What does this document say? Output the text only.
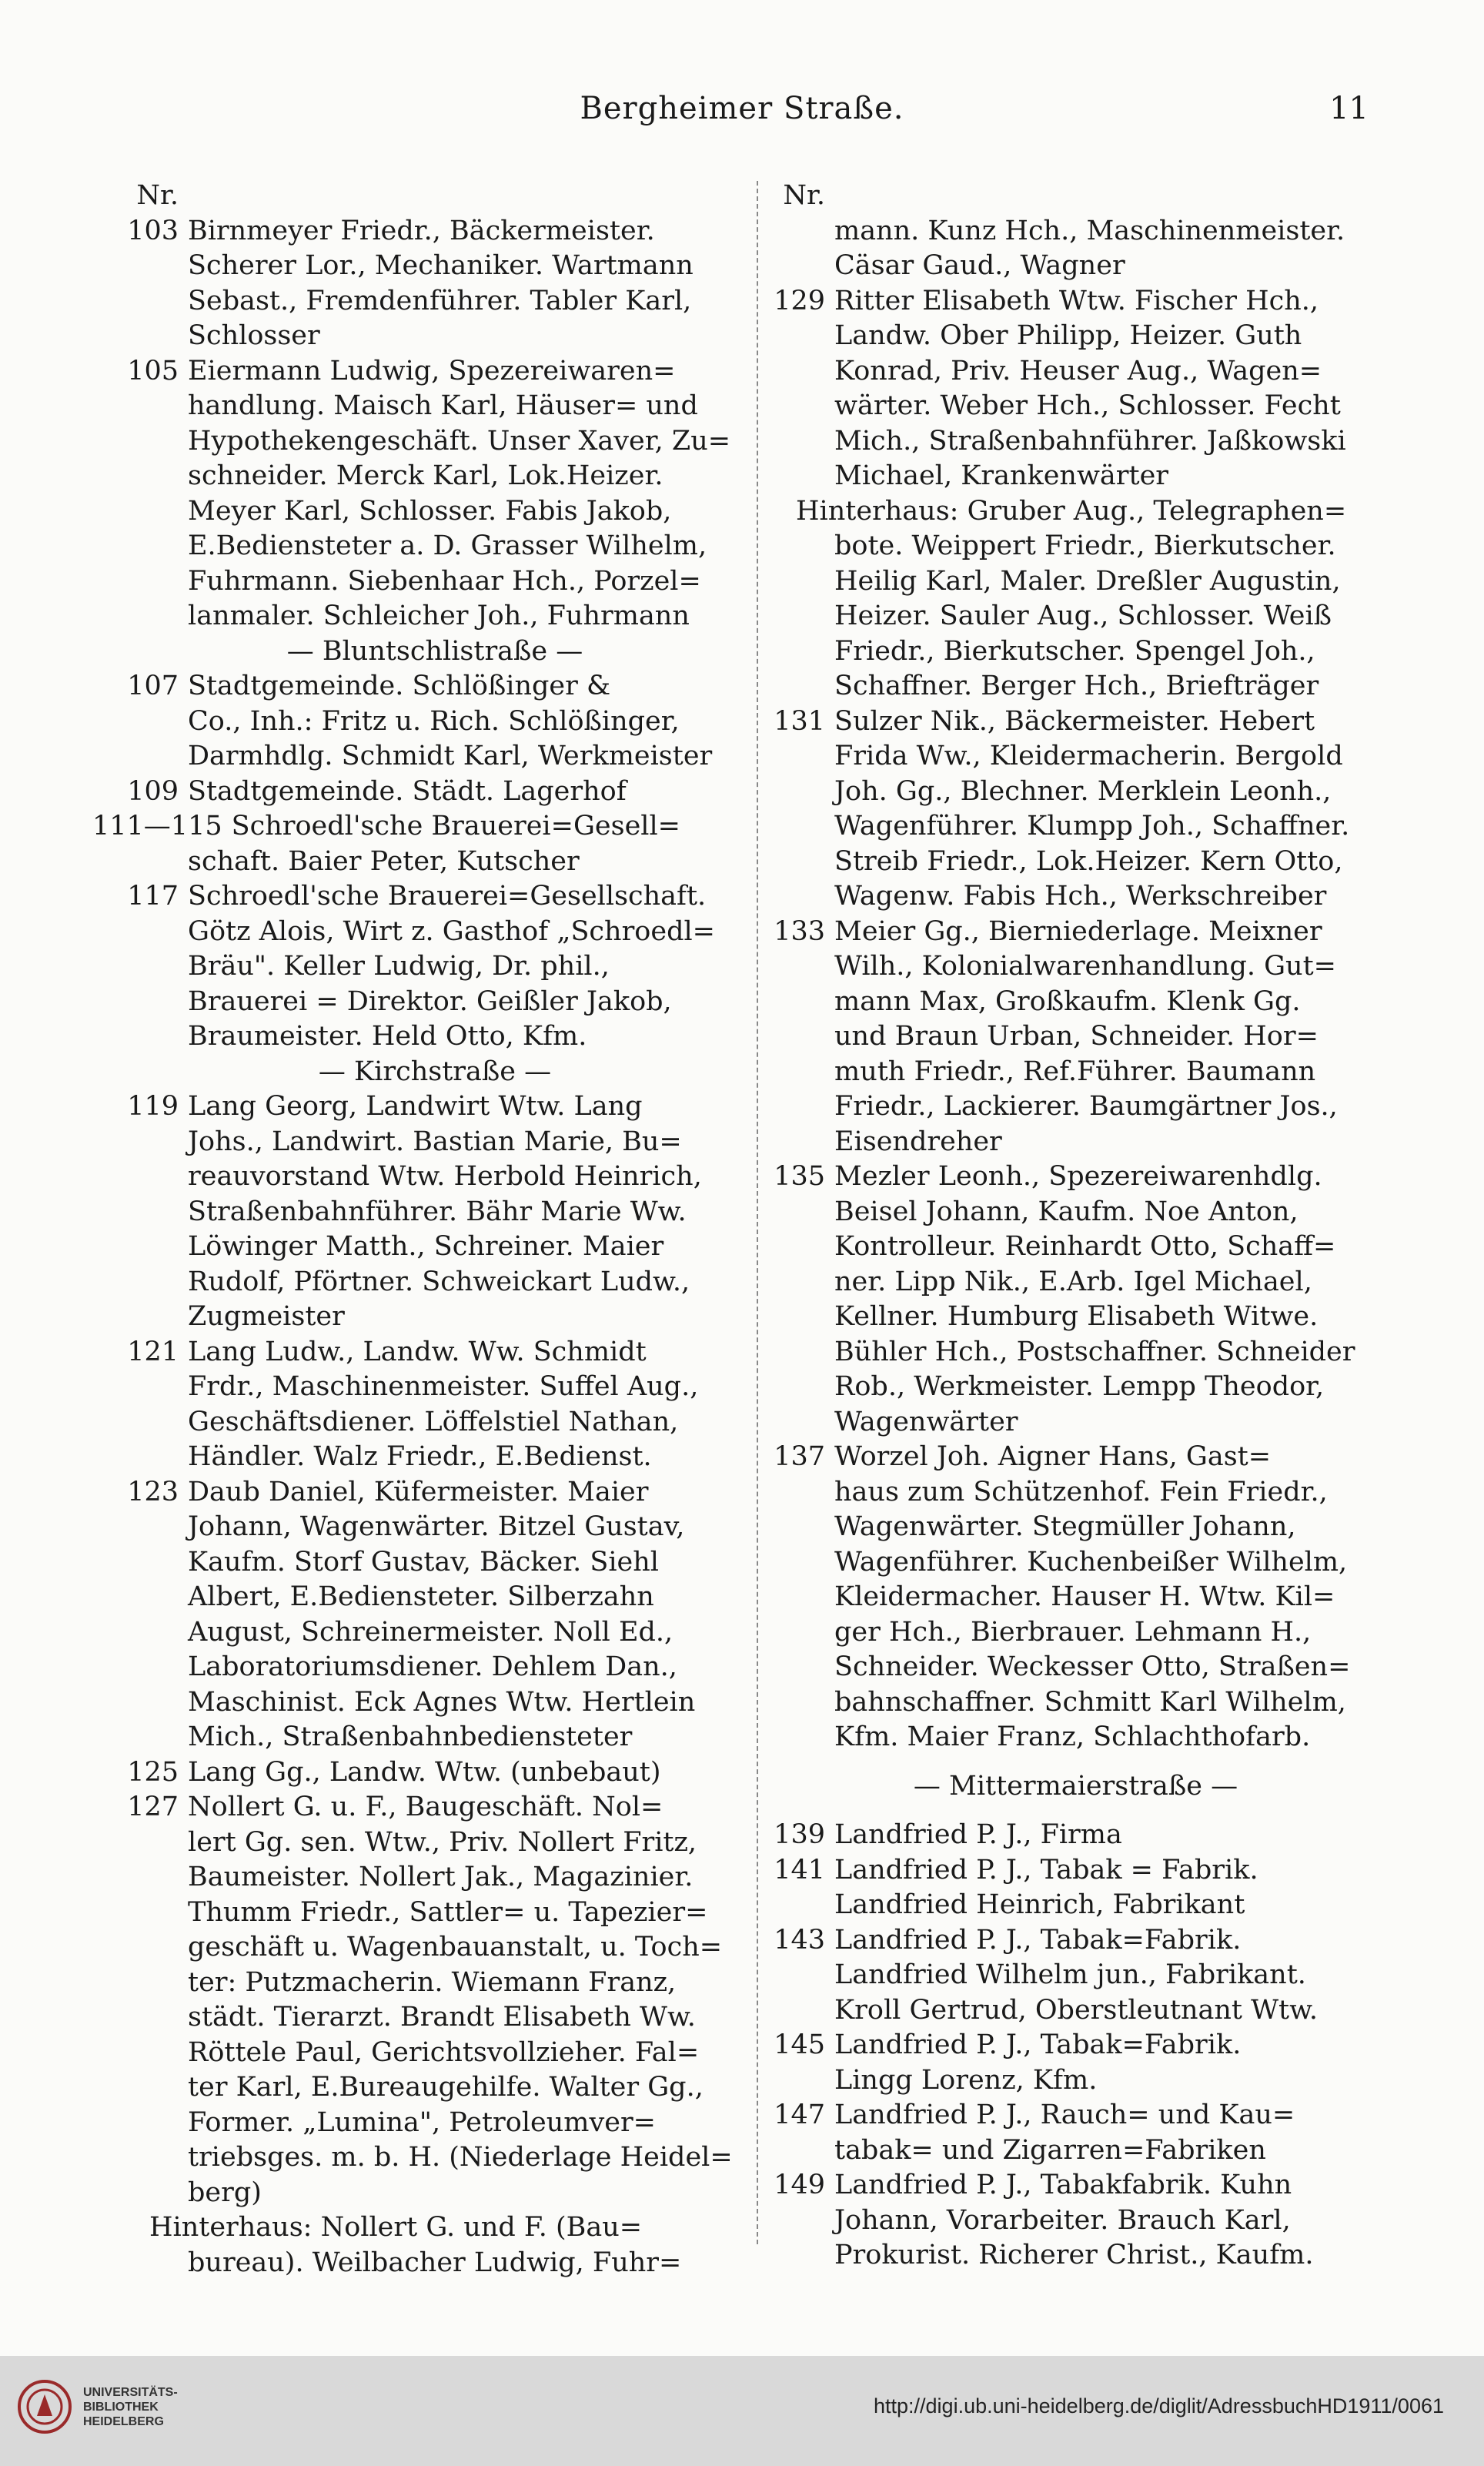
Bergheimer Straße.	11
Nr.
103 Birnmeyer Friedr., Bäckermeister.
Scherer Lor., Mechaniker. Wartmann
Sebast., Fremdenführer. Tabler Karl,
Schlosser
105 Eiermann Ludwig, Spezereiwaren=
handlung. Maisch Karl, Häuser= und
Hypothekengeschäft. Unser Xaver, Zu=
schneider. Merck Karl, Lok.Heizer.
Meyer Karl, Schlosser. Fabis Jakob,
E.Bediensteter a. D. Grasser Wilhelm,
Fuhrmann. Siebenhaar Hch., Porzel=
lanmaler. Schleicher Joh., Fuhrmann
— Bluntschlistraße —
107 Stadtgemeinde. Schlößinger &
Co., Inh.: Fritz u. Rich. Schlößinger,
Darmhdlg. Schmidt Karl, Werkmeister
109 Stadtgemeinde. Städt. Lagerhof
111—115 Schroedl'sche Brauerei=Gesell=
schaft. Baier Peter, Kutscher
117 Schroedl'sche Brauerei=Gesellschaft.
Götz Alois, Wirt z. Gasthof „Schroedl=
Bräu". Keller Ludwig, Dr. phil.,
Brauerei = Direktor. Geißler Jakob,
Braumeister. Held Otto, Kfm.
— Kirchstraße —
119 Lang Georg, Landwirt Wtw. Lang
Johs., Landwirt. Bastian Marie, Bu=
reauvorstand Wtw. Herbold Heinrich,
Straßenbahnführer. Bähr Marie Ww.
Löwinger Matth., Schreiner. Maier
Rudolf, Pförtner. Schweickart Ludw.,
Zugmeister
121 Lang Ludw., Landw. Ww. Schmidt
Frdr., Maschinenmeister. Suffel Aug.,
Geschäftsdiener. Löffelstiel Nathan,
Händler. Walz Friedr., E.Bedienst.
123 Daub Daniel, Küfermeister. Maier
Johann, Wagenwärter. Bitzel Gustav,
Kaufm. Storf Gustav, Bäcker. Siehl
Albert, E.Bediensteter. Silberzahn
August, Schreinermeister. Noll Ed.,
Laboratoriumsdiener. Dehlem Dan.,
Maschinist. Eck Agnes Wtw. Hertlein
Mich., Straßenbahnbediensteter
125 Lang Gg., Landw. Wtw. (unbebaut)
127 Nollert G. u. F., Baugeschäft. Nol=
lert Gg. sen. Wtw., Priv. Nollert Fritz,
Baumeister. Nollert Jak., Magazinier.
Thumm Friedr., Sattler= u. Tapezier=
geschäft u. Wagenbauanstalt, u. Toch=
ter: Putzmacherin. Wiemann Franz,
städt. Tierarzt. Brandt Elisabeth Ww.
Röttele Paul, Gerichtsvollzieher. Fal=
ter Karl, E.Bureaugehilfe. Walter Gg.,
Former. „Lumina", Petroleumver=
triebsges. m. b. H. (Niederlage Heidel=
berg)
Hinterhaus: Nollert G. und F. (Bau=
bureau). Weilbacher Ludwig, Fuhr=
Nr.
mann. Kunz Hch., Maschinenmeister.
Cäsar Gaud., Wagner
129 Ritter Elisabeth Wtw. Fischer Hch.,
Landw. Ober Philipp, Heizer. Guth
Konrad, Priv. Heuser Aug., Wagen=
wärter. Weber Hch., Schlosser. Fecht
Mich., Straßenbahnführer. Jaßkowski
Michael, Krankenwärter
Hinterhaus: Gruber Aug., Telegraphen=
bote. Weippert Friedr., Bierkutscher.
Heilig Karl, Maler. Dreßler Augustin,
Heizer. Sauler Aug., Schlosser. Weiß
Friedr., Bierkutscher. Spengel Joh.,
Schaffner. Berger Hch., Briefträger
131 Sulzer Nik., Bäckermeister. Hebert
Frida Ww., Kleidermacherin. Bergold
Joh. Gg., Blechner. Merklein Leonh.,
Wagenführer. Klumpp Joh., Schaffner.
Streib Friedr., Lok.Heizer. Kern Otto,
Wagenw. Fabis Hch., Werkschreiber
133 Meier Gg., Bierniederlage. Meixner
Wilh., Kolonialwarenhandlung. Gut=
mann Max, Großkaufm. Klenk Gg.
und Braun Urban, Schneider. Hor=
muth Friedr., Ref.Führer. Baumann
Friedr., Lackierer. Baumgärtner Jos.,
Eisendreher
135 Mezler Leonh., Spezereiwarenhdlg.
Beisel Johann, Kaufm. Noe Anton,
Kontrolleur. Reinhardt Otto, Schaff=
ner. Lipp Nik., E.Arb. Igel Michael,
Kellner. Humburg Elisabeth Witwe.
Bühler Hch., Postschaffner. Schneider
Rob., Werkmeister. Lempp Theodor,
Wagenwärter
137 Worzel Joh. Aigner Hans, Gast=
haus zum Schützenhof. Fein Friedr.,
Wagenwärter. Stegmüller Johann,
Wagenführer. Kuchenbeißer Wilhelm,
Kleidermacher. Hauser H. Wtw. Kil=
ger Hch., Bierbrauer. Lehmann H.,
Schneider. Weckesser Otto, Straßen=
bahnschaffner. Schmitt Karl Wilhelm,
Kfm. Maier Franz, Schlachthofarb.
— Mittermaierstraße —
139 Landfried P. J., Firma
141 Landfried P. J., Tabak = Fabrik.
Landfried Heinrich, Fabrikant
143 Landfried P. J., Tabak=Fabrik.
Landfried Wilhelm jun., Fabrikant.
Kroll Gertrud, Oberstleutnant Wtw.
145 Landfried P. J., Tabak=Fabrik.
Lingg Lorenz, Kfm.
147 Landfried P. J., Rauch= und Kau=
tabak= und Zigarren=Fabriken
149 Landfried P. J., Tabakfabrik. Kuhn
Johann, Vorarbeiter. Brauch Karl,
Prokurist. Richerer Christ., Kaufm.
UNIVERSITÄTS-
BIBLIOTHEK
HEIDELBERG
http://digi.ub.uni-heidelberg.de/diglit/AdressbuchHD1911/0061
